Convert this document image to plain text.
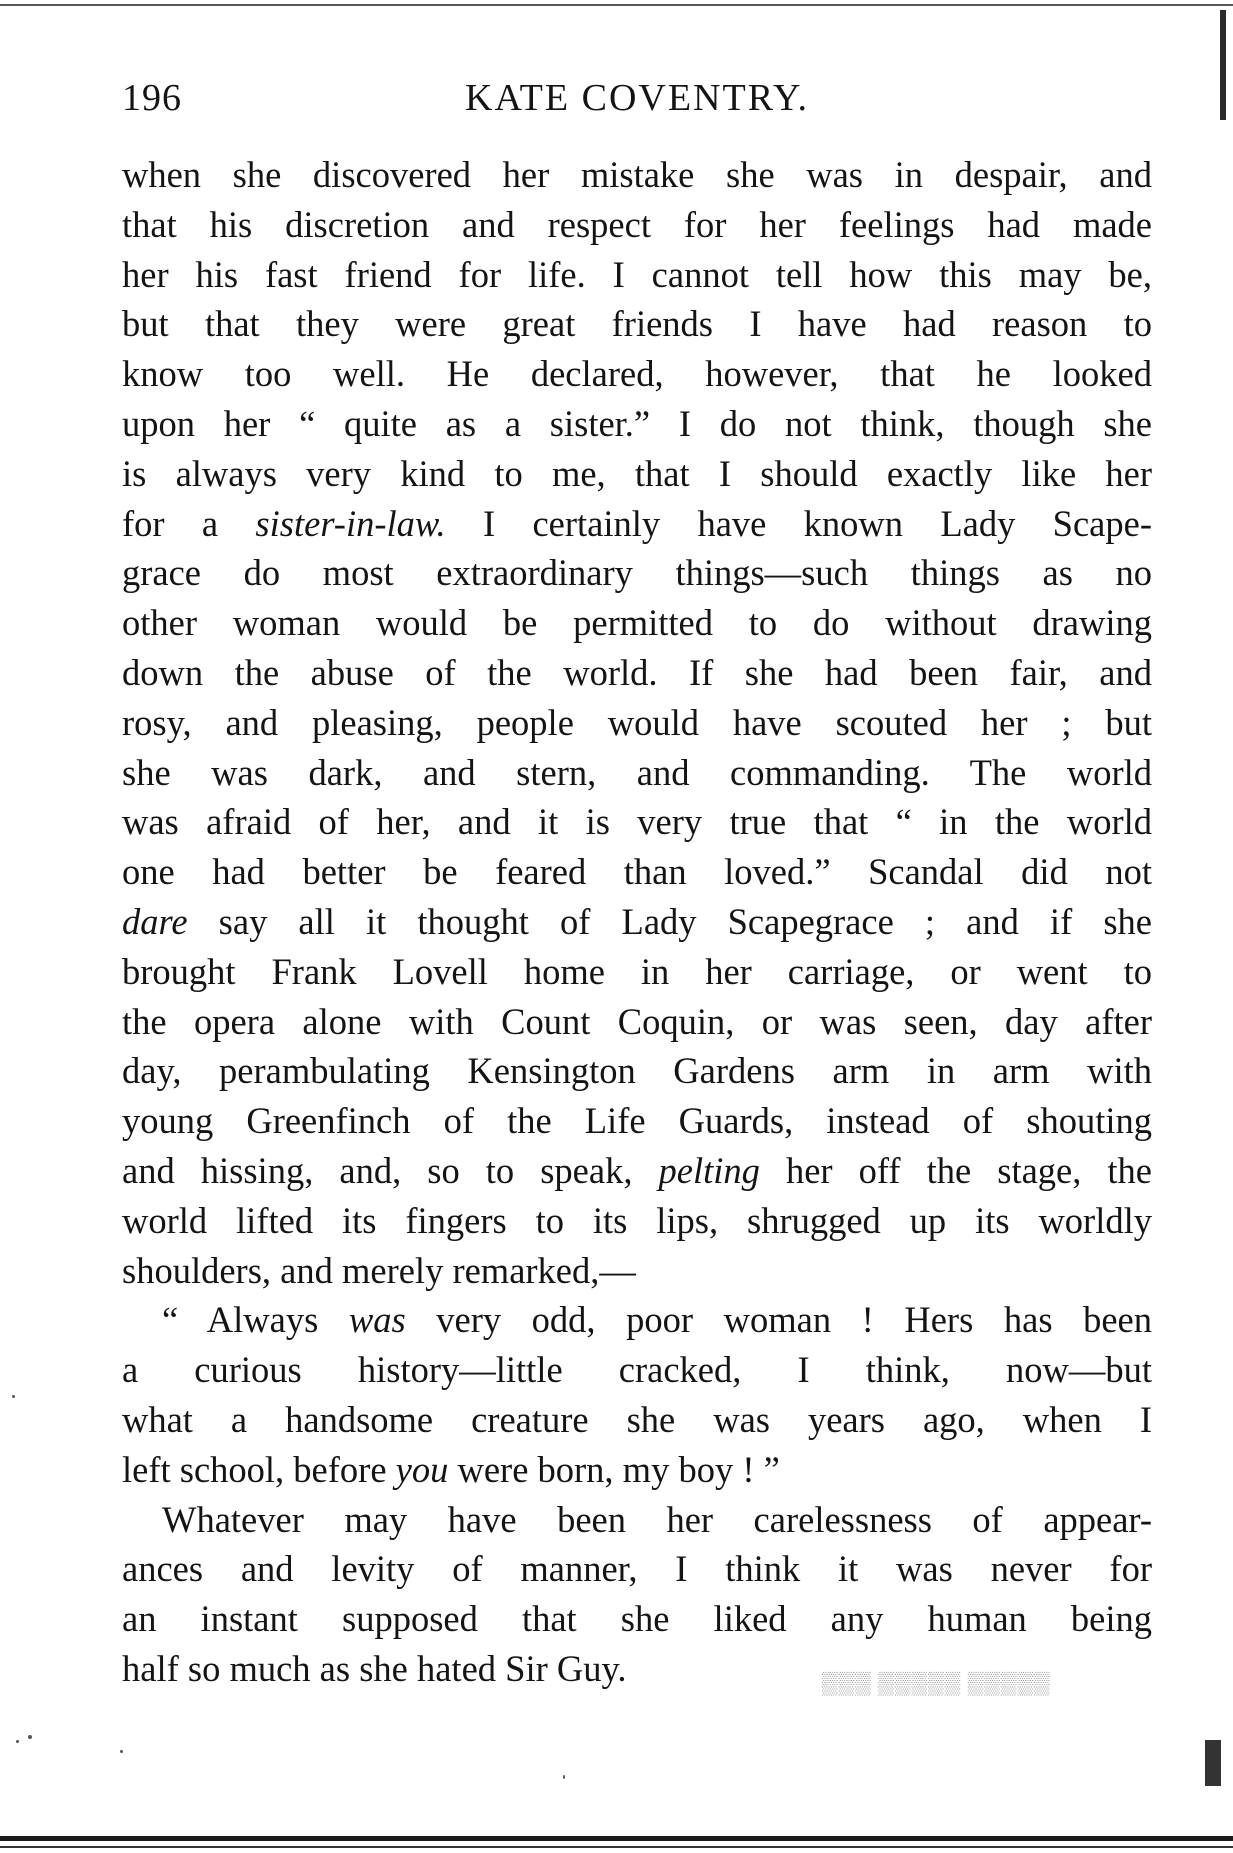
196	KATE COVENTRY.
when she discovered her mistake she was in despair, and
that his discretion and respect for her feelings had made
her his fast friend for life. I cannot tell how this may be,
but that they were great friends I have had reason to
know too well. He declared, however, that he looked
upon her “ quite as a sister.” I do not think, though she
is always very kind to me, that I should exactly like her
for a sister-in-law. I certainly have known Lady Scape-
grace do most extraordinary things—such things as no
other woman would be permitted to do without drawing
down the abuse of the world. If she had been fair, and
rosy, and pleasing, people would have scouted her ; but
she was dark, and stern, and commanding. The world
was afraid of her, and it is very true that “ in the world
one had better be feared than loved.” Scandal did not
dare say all it thought of Lady Scapegrace ; and if she
brought Frank Lovell home in her carriage, or went to
the opera alone with Count Coquin, or was seen, day after
day, perambulating Kensington Gardens arm in arm with
young Greenfinch of the Life Guards, instead of shouting
and hissing, and, so to speak, pelting her off the stage, the
world lifted its fingers to its lips, shrugged up its worldly
shoulders, and merely remarked,—
“ Always was very odd, poor woman ! Hers has been
a curious history—little cracked, I think, now—but
what a handsome creature she was years ago, when I
left school, before you were born, my boy ! ”
Whatever may have been her carelessness of appear-
ances and levity of manner, I think it was never for
an instant supposed that she liked any human being
half so much as she hated Sir Guy.	▒▒▒ ▒▒▒▒▒ ▒▒▒▒▒
